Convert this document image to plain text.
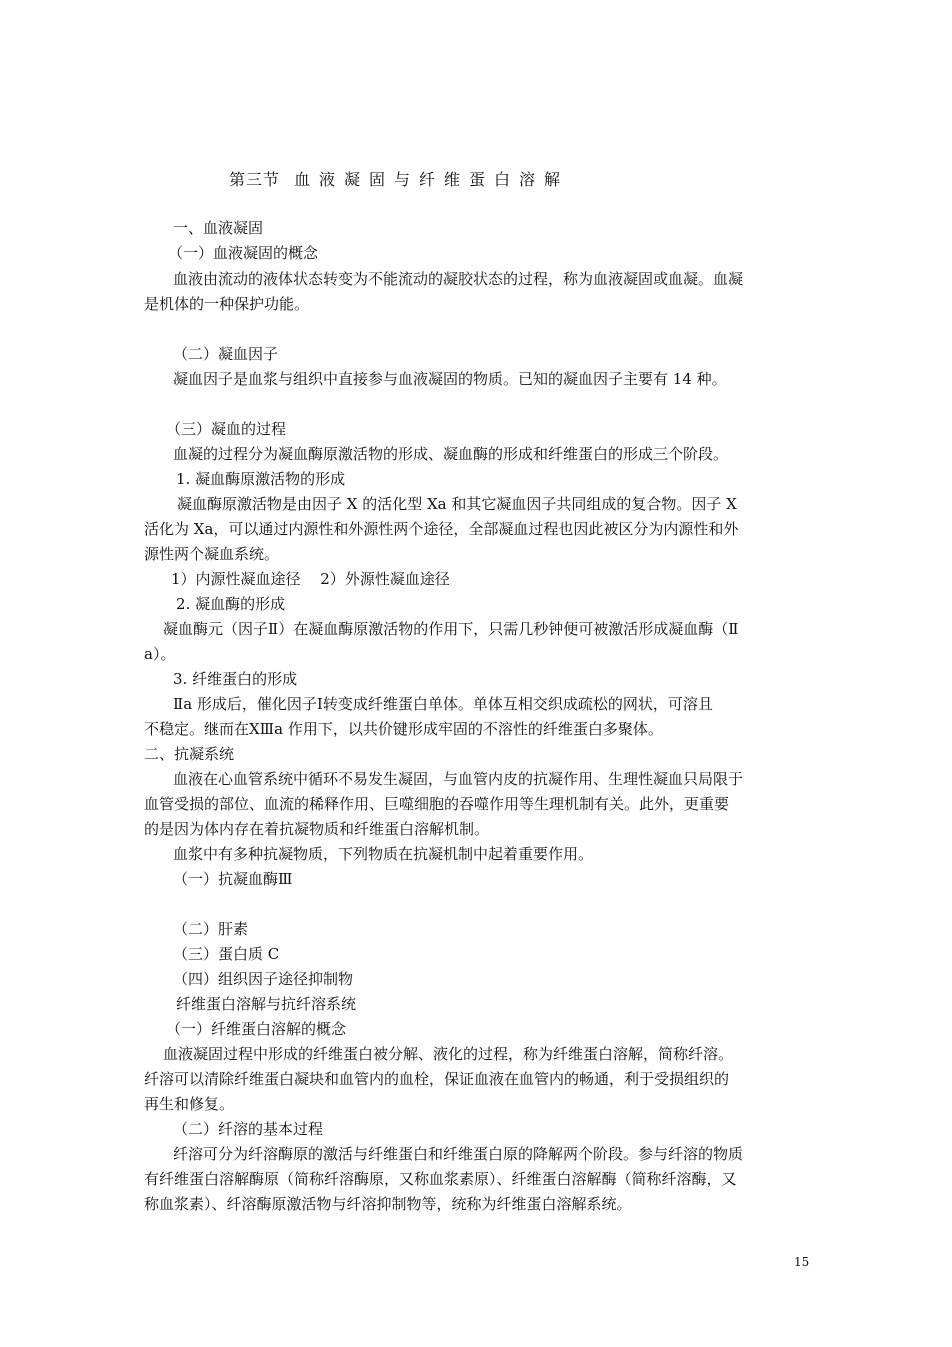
第三节 血液凝固与纤维蛋白溶解
一、血液凝固
（一）血液凝固的概念
血液由流动的液体状态转变为不能流动的凝胶状态的过程，称为血液凝固或血凝。血凝
是机体的一种保护功能。
（二）凝血因子
凝血因子是血浆与组织中直接参与血液凝固的物质。已知的凝血因子主要有 14 种。
（三）凝血的过程
血凝的过程分为凝血酶原激活物的形成、凝血酶的形成和纤维蛋白的形成三个阶段。
1. 凝血酶原激活物的形成
凝血酶原激活物是由因子 X 的活化型 Xa 和其它凝血因子共同组成的复合物。因子 X
活化为 Xa，可以通过内源性和外源性两个途径，全部凝血过程也因此被区分为内源性和外
源性两个凝血系统。
1）内源性凝血途径　 2）外源性凝血途径
2. 凝血酶的形成
凝血酶元（因子Ⅱ）在凝血酶原激活物的作用下，只需几秒钟便可被激活形成凝血酶（Ⅱ
a）。
3. 纤维蛋白的形成
Ⅱa 形成后，催化因子Ⅰ转变成纤维蛋白单体。单体互相交织成疏松的网状，可溶且
不稳定。继而在ⅩⅢa 作用下，以共价键形成牢固的不溶性的纤维蛋白多聚体。
二、抗凝系统
血液在心血管系统中循环不易发生凝固，与血管内皮的抗凝作用、生理性凝血只局限于
血管受损的部位、血流的稀释作用、巨噬细胞的吞噬作用等生理机制有关。此外，更重要
的是因为体内存在着抗凝物质和纤维蛋白溶解机制。
血浆中有多种抗凝物质，下列物质在抗凝机制中起着重要作用。
（一）抗凝血酶Ⅲ
（二）肝素
（三）蛋白质 C
（四）组织因子途径抑制物
纤维蛋白溶解与抗纤溶系统
（一）纤维蛋白溶解的概念
血液凝固过程中形成的纤维蛋白被分解、液化的过程，称为纤维蛋白溶解，简称纤溶。
纤溶可以清除纤维蛋白凝块和血管内的血栓，保证血液在血管内的畅通，利于受损组织的
再生和修复。
（二）纤溶的基本过程
纤溶可分为纤溶酶原的激活与纤维蛋白和纤维蛋白原的降解两个阶段。参与纤溶的物质
有纤维蛋白溶解酶原（简称纤溶酶原，又称血浆素原）、纤维蛋白溶解酶（简称纤溶酶，又
称血浆素）、纤溶酶原激活物与纤溶抑制物等，统称为纤维蛋白溶解系统。
15
